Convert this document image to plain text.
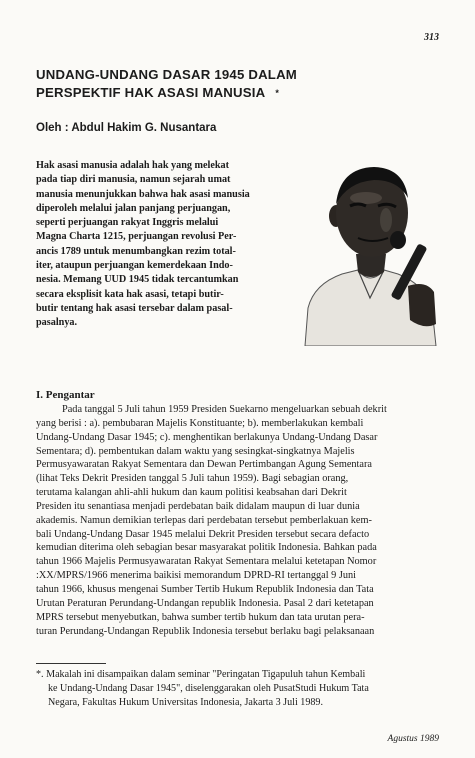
313
UNDANG-UNDANG DASAR 1945 DALAM
PERSPEKTIF HAK ASASI MANUSIA *
Oleh : Abdul Hakim G. Nusantara
Hak asasi manusia adalah hak yang melekat
pada tiap diri manusia, namun sejarah umat
manusia menunjukkan bahwa hak asasi manusia
diperoleh melalui jalan panjang perjuangan,
seperti perjuangan rakyat Inggris melalui
Magna Charta 1215, perjuangan revolusi Per-
ancis 1789 untuk menumbangkan rezim total-
iter, ataupun perjuangan kemerdekaan Indo-
nesia. Memang UUD 1945 tidak tercantumkan
secara eksplisit kata hak asasi, tetapi butir-
butir tentang hak asasi tersebar dalam pasal-
pasalnya.
I. Pengantar
Pada tanggal 5 Juli tahun 1959 Presiden Suekarno mengeluarkan sebuah dekrit
yang berisi : a). pembubaran Majelis Konstituante; b). memberlakukan kembali
Undang-Undang Dasar 1945; c). menghentikan berlakunya Undang-Undang Dasar
Sementara; d). pembentukan dalam waktu yang sesingkat-singkatnya Majelis
Permusyawaratan Rakyat Sementara dan Dewan Pertimbangan Agung Sementara
(lihat Teks Dekrit Presiden tanggal 5 Juli tahun 1959). Bagi sebagian orang,
terutama kalangan ahli-ahli hukum dan kaum politisi keabsahan dari Dekrit
Presiden itu senantiasa menjadi perdebatan baik didalam maupun di luar dunia
akademis. Namun demikian terlepas dari perdebatan tersebut pemberlakuan kem-
bali Undang-Undang Dasar 1945 melalui Dekrit Presiden tersebut secara defacto
kemudian diterima oleh sebagian besar masyarakat politik Indonesia. Bahkan pada
tahun 1966 Majelis Permusyawaratan Rakyat Sementara melalui ketetapan Nomor
:XX/MPRS/1966 menerima baikisi memorandum DPRD-RI tertanggal 9 Juni
tahun 1966, khusus mengenai Sumber Tertib Hukum Republik Indonesia dan Tata
Urutan Peraturan Perundang-Undangan republik Indonesia. Pasal 2 dari ketetapan
MPRS tersebut menyebutkan, bahwa sumber tertib hukum dan tata urutan pera-
turan Perundang-Undangan Republik Indonesia tersebut berlaku bagi pelaksanaan
*. Makalah ini disampaikan dalam seminar "Peringatan Tigapuluh tahun Kembali
ke Undang-Undang Dasar 1945", diselenggarakan oleh PusatStudi Hukum Tata
Negara, Fakultas Hukum Universitas Indonesia, Jakarta 3 Juli 1989.
Agustus 1989
